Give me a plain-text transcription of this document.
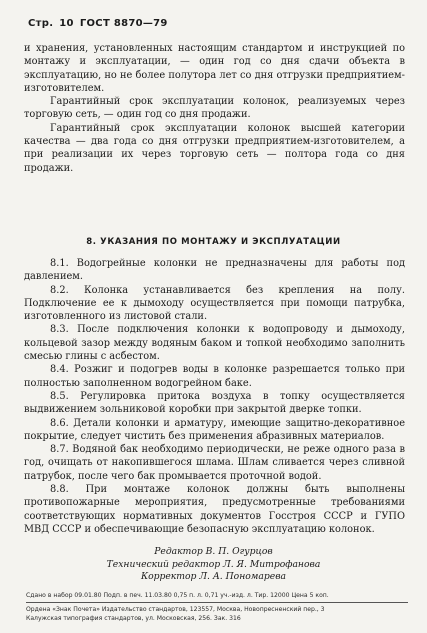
Стр. 10 ГОСТ 8870—79

и хранения, установленных настоящим стандартом и инструкцией по монтажу и эксплуатации, — один год со дня сдачи объекта в эксплуатацию, но не более полутора лет со дня отгрузки предприятием-изготовителем.

Гарантийный срок эксплуатации колонок, реализуемых через торговую сеть, — один год со дня продажи.

Гарантийный срок эксплуатации колонок высшей категории качества — два года со дня отгрузки предприятием-изготовителем, а при реализации их через торговую сеть — полтора года со дня продажи.

8. УКАЗАНИЯ ПО МОНТАЖУ И ЭКСПЛУАТАЦИИ

8.1. Водогрейные колонки не предназначены для работы под давлением.

8.2. Колонка устанавливается без крепления на полу. Подключение ее к дымоходу осуществляется при помощи патрубка, изготовленного из листовой стали.

8.3. После подключения колонки к водопроводу и дымоходу, кольцевой зазор между водяным баком и топкой необходимо заполнить смесью глины с асбестом.

8.4. Розжиг и подогрев воды в колонке разрешается только при полностью заполненном водогрейном баке.

8.5. Регулировка притока воздуха в топку осуществляется выдвижением зольниковой коробки при закрытой дверке топки.

8.6. Детали колонки и арматуру, имеющие защитно-декоративное покрытие, следует чистить без применения абразивных материалов.

8.7. Водяной бак необходимо периодически, не реже одного раза в год, очищать от накопившегося шлама. Шлам сливается через сливной патрубок, после чего бак промывается проточной водой.

8.8. При монтаже колонок должны быть выполнены противопожарные мероприятия, предусмотренные требованиями соответствующих нормативных документов Госстроя СССР и ГУПО МВД СССР и обеспечивающие безопасную эксплуатацию колонок.

Редактор В. П. Огурцов
Технический редактор Л. Я. Митрофанова
Корректор Л. А. Пономарева
Сдано в набор 09.01.80 Подп. в печ. 11.03.80 0,75 п. л. 0,71 уч.-изд. л. Тир. 12000 Цена 5 коп.
Ордена «Знак Почета» Издательство стандартов, 123557, Москва, Новопресненский пер., 3
Калужская типография стандартов, ул. Московская, 256. Зак. 316
